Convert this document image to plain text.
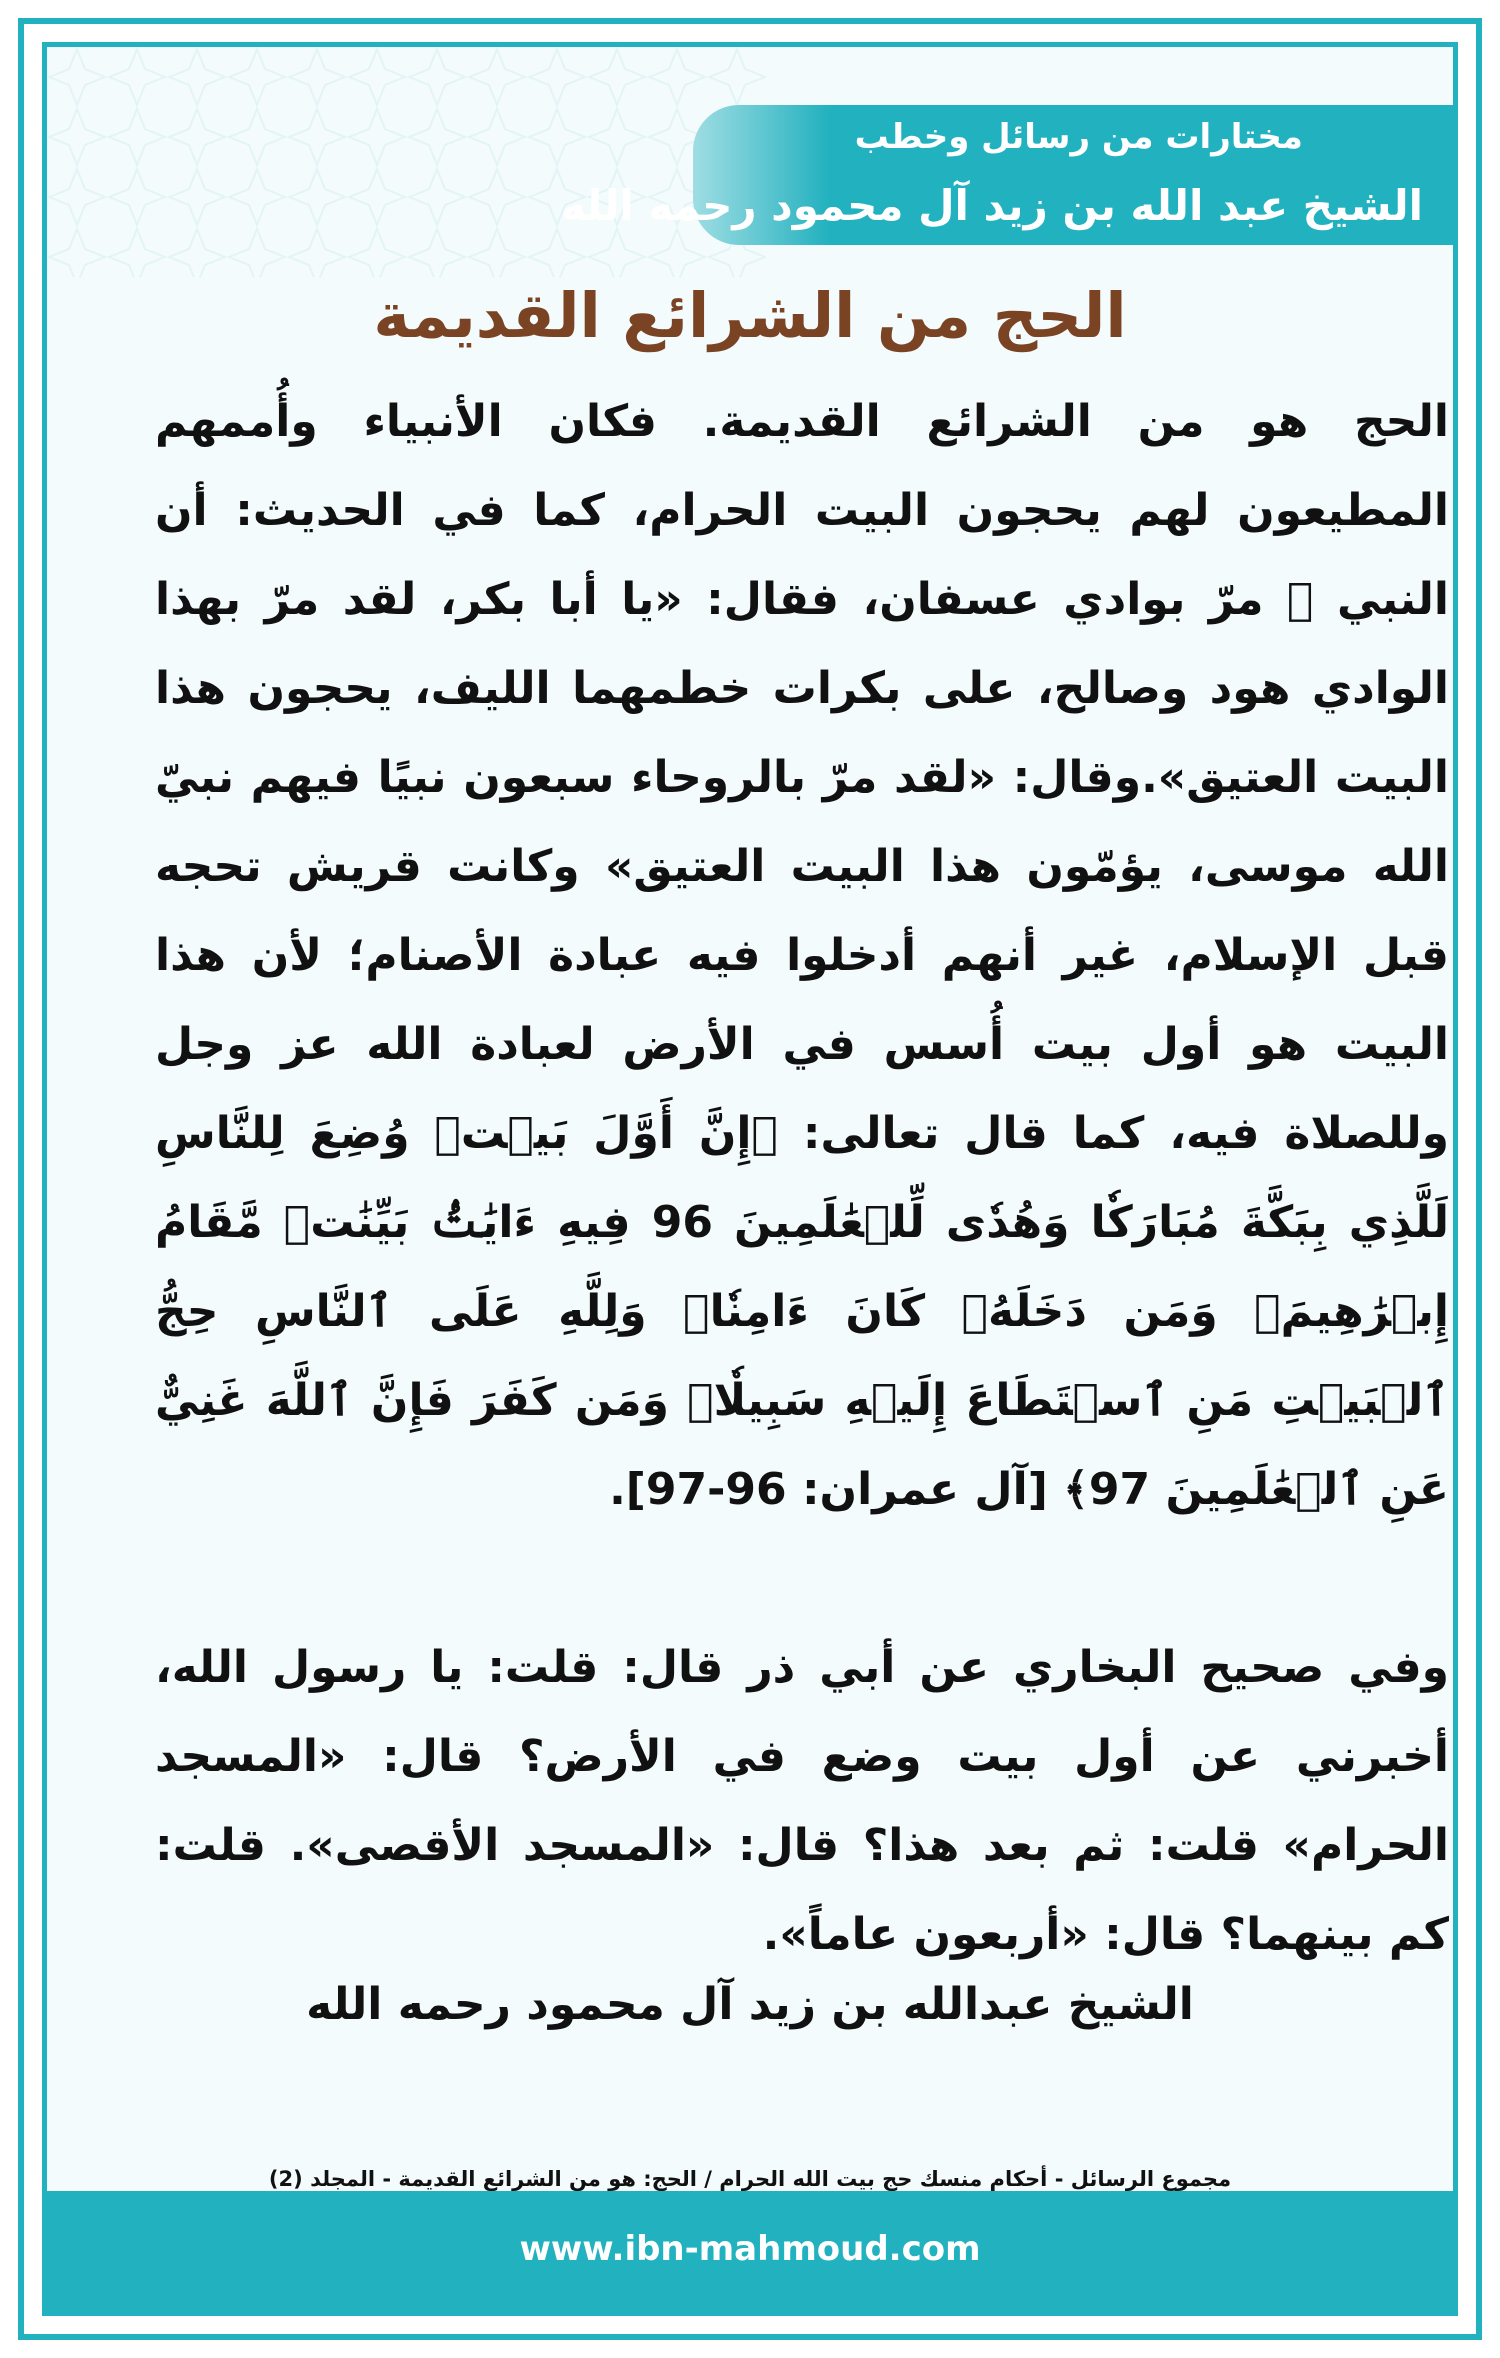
مختارات من رسائل وخطب
الشيخ عبد الله بن زيد آل محمود رحمه الله
الحج من الشرائع القديمة

الحج هو من الشرائع القديمة. فكان الأنبياء وأُممهم المطيعون لهم يحجون البيت الحرام، كما في الحديث: أن النبي ﷺ مرّ بوادي عسفان، فقال: «يا أبا بكر، لقد مرّ بهذا الوادي هود وصالح، على بكرات خطمهما الليف، يحجون هذا البيت العتيق».وقال: «لقد مرّ بالروحاء سبعون نبيًا فيهم نبيّ الله موسى، يؤمّون هذا البيت العتيق» وكانت قريش تحجه قبل الإسلام، غير أنهم أدخلوا فيه عبادة الأصنام؛ لأن هذا البيت هو أول بيت أُسس في الأرض لعبادة الله عز وجل وللصلاة فيه، كما قال تعالى: ﴿إِنَّ أَوَّلَ بَيۡتٖ وُضِعَ لِلنَّاسِ لَلَّذِي بِبَكَّةَ مُبَارَكٗا وَهُدٗى لِّلۡعَٰلَمِينَ 96 فِيهِ ءَايَٰتُۢ بَيِّنَٰتٞ مَّقَامُ إِبۡرَٰهِيمَۖ وَمَن دَخَلَهُۥ كَانَ ءَامِنٗاۗ وَلِلَّهِ عَلَى ٱلنَّاسِ حِجُّ ٱلۡبَيۡتِ مَنِ ٱسۡتَطَاعَ إِلَيۡهِ سَبِيلٗاۚ وَمَن كَفَرَ فَإِنَّ ٱللَّهَ غَنِيٌّ عَنِ ٱلۡعَٰلَمِينَ 97﴾ [آل عمران: 96-97].

وفي صحيح البخاري عن أبي ذر قال: قلت: يا رسول الله، أخبرني عن أول بيت وضع في الأرض؟ قال: «المسجد الحرام» قلت: ثم بعد هذا؟ قال: «المسجد الأقصى». قلت: كم بينهما؟ قال: «أربعون عاماً».

الشيخ عبدالله بن زيد آل محمود رحمه الله
مجموع الرسائل - أحكام منسك حج بيت الله الحرام / الحج: هو من الشرائع القديمة - المجلد (2)
www.ibn-mahmoud.com
